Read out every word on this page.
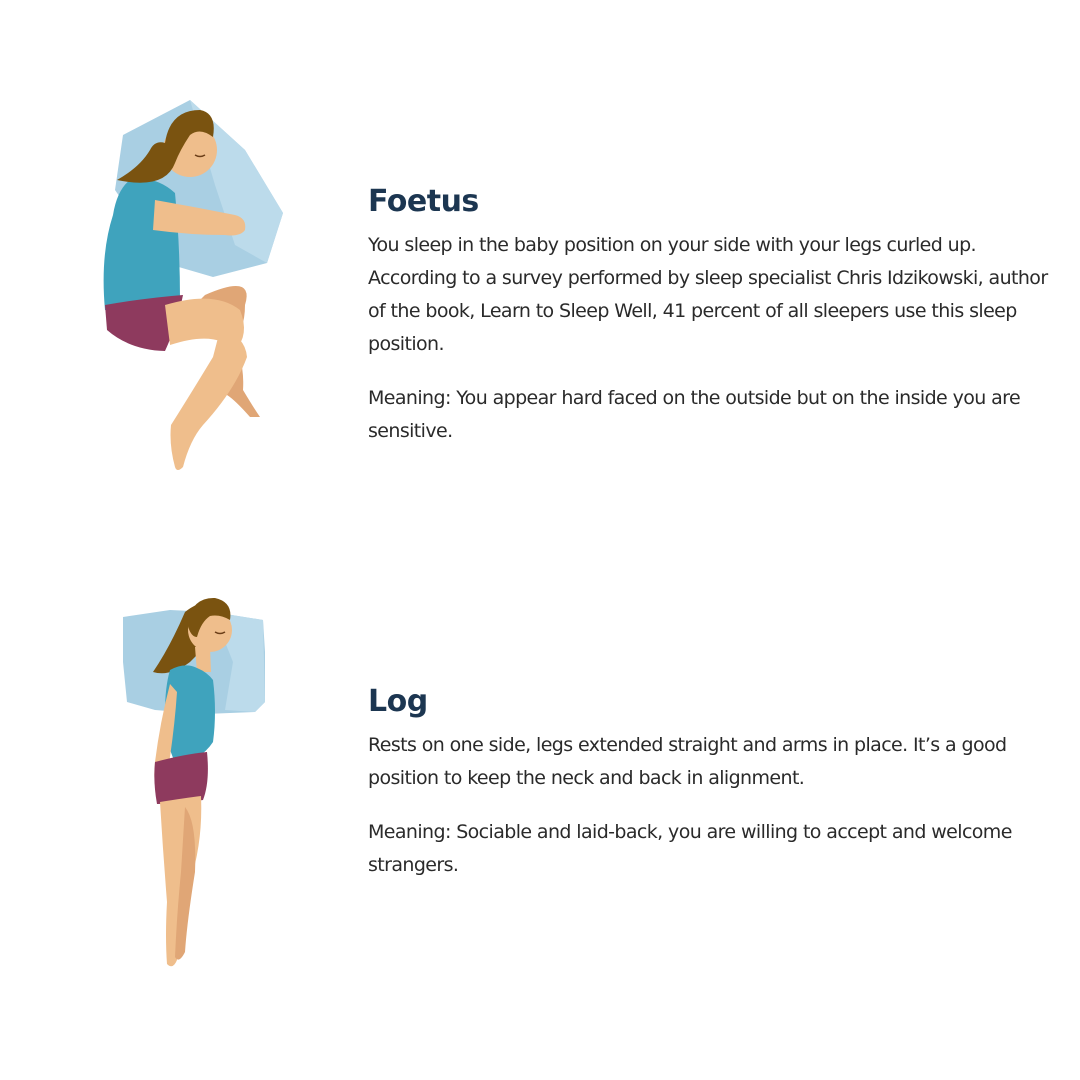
Foetus

You sleep in the baby position on your side with your legs curled up. According to a survey performed by sleep specialist Chris Idzikowski, author of the book, Learn to Sleep Well, 41 percent of all sleepers use this sleep position.

Meaning: You appear hard faced on the outside but on the inside you are sensitive.

Log

Rests on one side, legs extended straight and arms in place. It’s a good position to keep the neck and back in alignment.

Meaning: Sociable and laid-back, you are willing to accept and welcome strangers.
